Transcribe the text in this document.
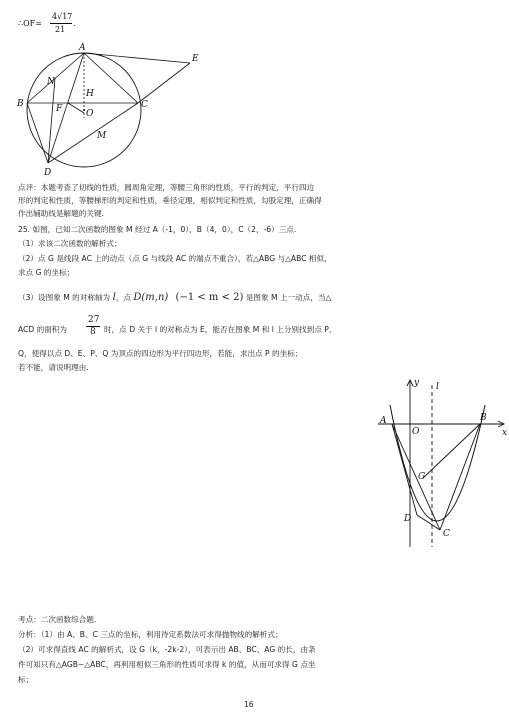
∴OF=
4√17
21
.
A
E
B	C
D
F
H
O
N
M
点评：本题考查了切线的性质，圆周角定理，等腰三角形的性质，平行的判定，平行四边
形的判定和性质，等腰梯形的判定和性质，垂径定理，相似判定和性质，勾股定理，正确得
作出辅助线是解题的关键.
25. 如图，已知二次函数的图象 M 经过 A（-1，0），B（4，0），C（2，-6）三点.
（1）求该二次函数的解析式；
（2）点 G 是线段 AC 上的动点（点 G 与线段 AC 的端点不重合），若△ABG 与△ABC 相似，
求点 G 的坐标；
（3）设图象 M 的对称轴为 l，点 D(m,n) (−1 < m < 2) 是图象 M 上一动点，当△
ACD 的面积为
27
8 时，点 D 关于 l 的对称点为 E，能否在图象 M 和 l 上分别找到点 P、
Q，使得以点 D、E、P、Q 为顶点的四边形为平行四边形，若能，求出点 P 的坐标；
若不能，请说明理由.
y l
A
O
B
x
G
D
C
考点：二次函数综合题.
分析：（1）由 A、B、C 三点的坐标，利用待定系数法可求得抛物线的解析式；
（2）可求得直线 AC 的解析式，设 G（k，-2k-2），可表示出 AB、BC、AG 的长，由条
件可知只有△AGB∽△ABC，再利用相似三角形的性质可求得 k 的值，从而可求得 G 点坐
标；
16
